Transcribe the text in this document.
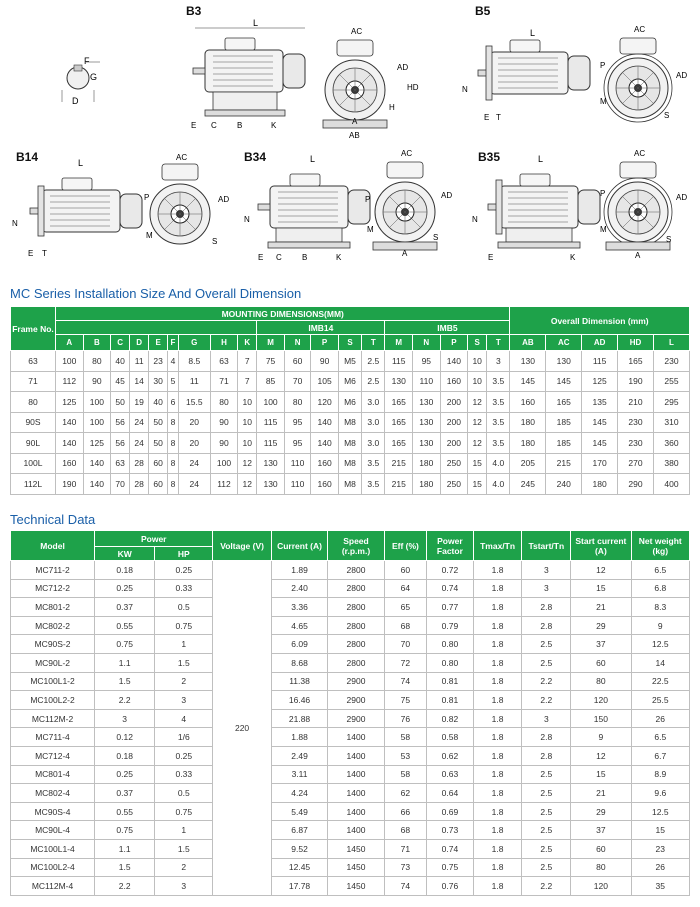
B3	B5
B14	B34	B35
F
G
D
L
E C	B	K
AC
AD
HD
H
A
AB
L
N
E T
AC
P
M
S
AD
L
N
E T
AC
P
M
S
AD
L
N
E C	B	K
AC
P
M
S
AD
A
L
N
E	K
AC
P
M
S
A
AD
MC Series Installation Size And Overall Dimension
Frame No.	MOUNTING DIMENSIONS(MM)																			Overall Dimension (mm)				
										IMB14					IMB5									
	A	B	C	D	E	F	G	H	K	M	N	P	S	T	M	N	P	S	T	AB	AC	AD	HD	L
63	100	80	40	11	23	4	8.5	63	7	75	60	90	M5	2.5	115	95	140	10	3	130	130	115	165	230
71	112	90	45	14	30	5	11	71	7	85	70	105	M6	2.5	130	110	160	10	3.5	145	145	125	190	255
80	125	100	50	19	40	6	15.5	80	10	100	80	120	M6	3.0	165	130	200	12	3.5	160	165	135	210	295
90S	140	100	56	24	50	8	20	90	10	115	95	140	M8	3.0	165	130	200	12	3.5	180	185	145	230	310
90L	140	125	56	24	50	8	20	90	10	115	95	140	M8	3.0	165	130	200	12	3.5	180	185	145	230	360
100L	160	140	63	28	60	8	24	100	12	130	110	160	M8	3.5	215	180	250	15	4.0	205	215	170	270	380
112L	190	140	70	28	60	8	24	112	12	130	110	160	M8	3.5	215	180	250	15	4.0	245	240	180	290	400
Technical Data
Model	Power		Voltage (V)	Current (A)	Speed (r.p.m.)	Eff (%)	Power Factor	Tmax/Tn	Tstart/Tn	Start current (A)	Net weight (kg)
	KW	HP									
MC711-2	0.18	0.25	220	1.89	2800	60	0.72	1.8	3	12	6.5
MC712-2	0.25	0.33		2.40	2800	64	0.74	1.8	3	15	6.8
MC801-2	0.37	0.5		3.36	2800	65	0.77	1.8	2.8	21	8.3
MC802-2	0.55	0.75		4.65	2800	68	0.79	1.8	2.8	29	9
MC90S-2	0.75	1		6.09	2800	70	0.80	1.8	2.5	37	12.5
MC90L-2	1.1	1.5		8.68	2800	72	0.80	1.8	2.5	60	14
MC100L1-2	1.5	2		11.38	2900	74	0.81	1.8	2.2	80	22.5
MC100L2-2	2.2	3		16.46	2900	75	0.81	1.8	2.2	120	25.5
MC112M-2	3	4		21.88	2900	76	0.82	1.8	3	150	26
MC711-4	0.12	1/6		1.88	1400	58	0.58	1.8	2.8	9	6.5
MC712-4	0.18	0.25		2.49	1400	53	0.62	1.8	2.8	12	6.7
MC801-4	0.25	0.33		3.11	1400	58	0.63	1.8	2.5	15	8.9
MC802-4	0.37	0.5		4.24	1400	62	0.64	1.8	2.5	21	9.6
MC90S-4	0.55	0.75		5.49	1400	66	0.69	1.8	2.5	29	12.5
MC90L-4	0.75	1		6.87	1400	68	0.73	1.8	2.5	37	15
MC100L1-4	1.1	1.5		9.52	1450	71	0.74	1.8	2.5	60	23
MC100L2-4	1.5	2		12.45	1450	73	0.75	1.8	2.5	80	26
MC112M-4	2.2	3		17.78	1450	74	0.76	1.8	2.2	120	35
